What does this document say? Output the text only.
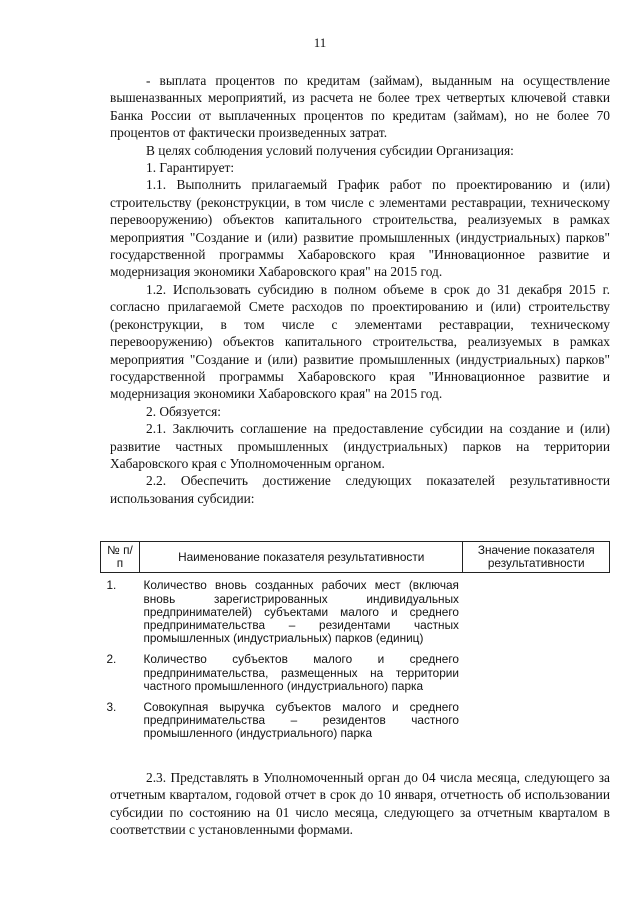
11

- выплата процентов по кредитам (займам), выданным на осуществление вышеназванных мероприятий, из расчета не более трех четвертых ключевой ставки Банка России от выплаченных процентов по кредитам (займам), но не более 70 процентов от фактически произведенных затрат.

В целях соблюдения условий получения субсидии Организация:

1. Гарантирует:

1.1. Выполнить прилагаемый График работ по проектированию и (или) строительству (реконструкции, в том числе с элементами реставрации, техническому перевооружению) объектов капитального строительства, реализуемых в рамках мероприятия "Создание и (или) развитие промышленных (индустриальных) парков" государственной программы Хабаровского края "Инновационное развитие и модернизация экономики Хабаровского края" на 2015 год.

1.2. Использовать субсидию в полном объеме в срок до 31 декабря 2015 г. согласно прилагаемой Смете расходов по проектированию и (или) строительству (реконструкции, в том числе с элементами реставрации, техническому перевооружению) объектов капитального строительства, реализуемых в рамках мероприятия "Создание и (или) развитие промышленных (индустриальных) парков" государственной программы Хабаровского края "Инновационное развитие и модернизация экономики Хабаровского края" на 2015 год.

2. Обязуется:

2.1. Заключить соглашение на предоставление субсидии на создание и (или) развитие частных промышленных (индустриальных) парков на территории Хабаровского края с Уполномоченным органом.

2.2. Обеспечить достижение следующих показателей результативности использования субсидии:

№ п/п	Наименование показателя результативности	Значение показателя результативности
1.	Количество вновь созданных рабочих мест (включая вновь зарегистрированных индивидуальных предпринимателей) субъектами малого и среднего предпринимательства – резидентами частных промышленных (индустриальных) парков (единиц)	
2.	Количество субъектов малого и среднего предпринимательства, размещенных на территории частного промышленного (индустриального) парка	
3.	Совокупная выручка субъектов малого и среднего предпринимательства – резидентов частного промышленного (индустриального) парка	

2.3. Представлять в Уполномоченный орган до 04 числа месяца, следующего за отчетным кварталом, годовой отчет в срок до 10 января, отчетность об использовании субсидии по состоянию на 01 число месяца, следующего за отчетным кварталом в соответствии с установленными формами.
